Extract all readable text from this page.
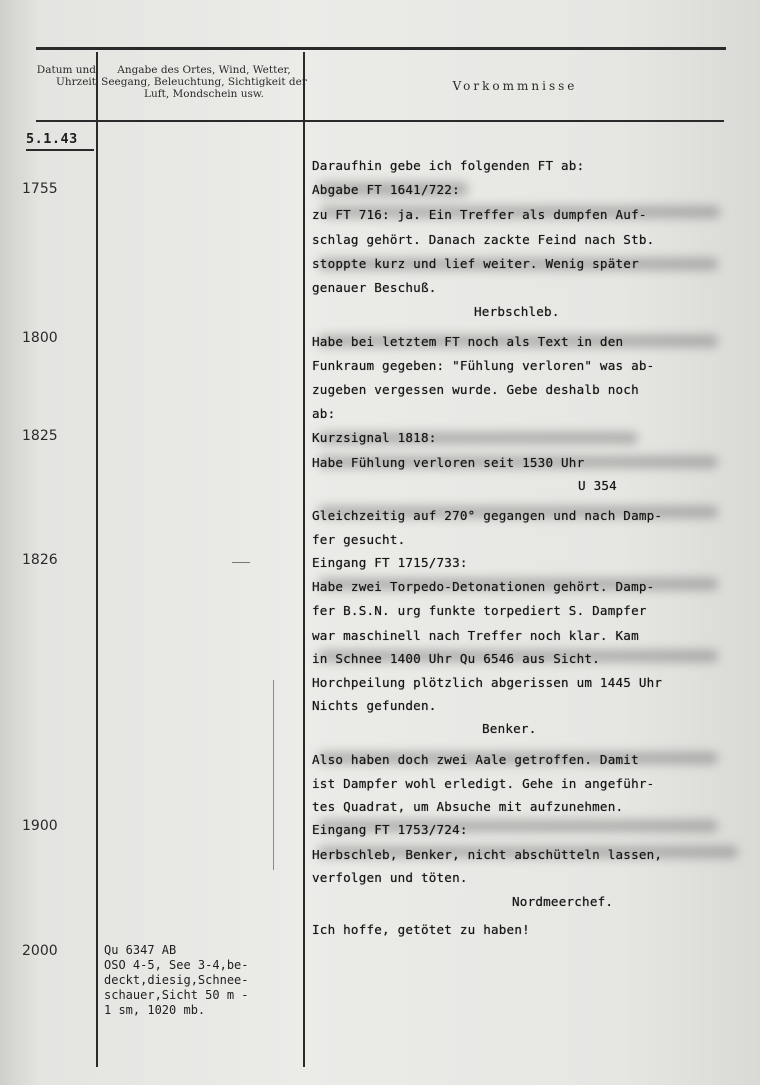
Datum und Uhrzeit
Angabe des Ortes, Wind, Wetter, Seegang, Beleuchtung, Sichtigkeit der Luft, Mondschein usw.
Vorkommnisse
5.1.43
1755
1800
1825
1826
1900
2000	Qu 6347 AB
OSO 4-5, See 3-4,be-
deckt,diesig,Schnee-
schauer,Sicht 50 m -
1 sm, 1020 mb.
Daraufhin gebe ich folgenden FT ab:
Abgabe FT 1641/722:
zu FT 716: ja. Ein Treffer als dumpfen Auf-
schlag gehört. Danach zackte Feind nach Stb.
stoppte kurz und lief weiter. Wenig später
genauer Beschuß.
Herbschleb.
Habe bei letztem FT noch als Text in den
Funkraum gegeben: "Fühlung verloren" was ab-
zugeben vergessen wurde. Gebe deshalb noch
ab:
Kurzsignal 1818:
Habe Fühlung verloren seit 1530 Uhr
U 354
Gleichzeitig auf 270° gegangen und nach Damp-
fer gesucht.
Eingang FT 1715/733:
Habe zwei Torpedo-Detonationen gehört. Damp-
fer B.S.N. urg funkte torpediert S. Dampfer
war maschinell nach Treffer noch klar. Kam
in Schnee 1400 Uhr Qu 6546 aus Sicht.
Horchpeilung plötzlich abgerissen um 1445 Uhr
Nichts gefunden.
Benker.
Also haben doch zwei Aale getroffen. Damit
ist Dampfer wohl erledigt. Gehe in angeführ-
tes Quadrat, um Absuche mit aufzunehmen.
Eingang FT 1753/724:
Herbschleb, Benker, nicht abschütteln lassen,
verfolgen und töten.
Nordmeerchef.
Ich hoffe, getötet zu haben!
